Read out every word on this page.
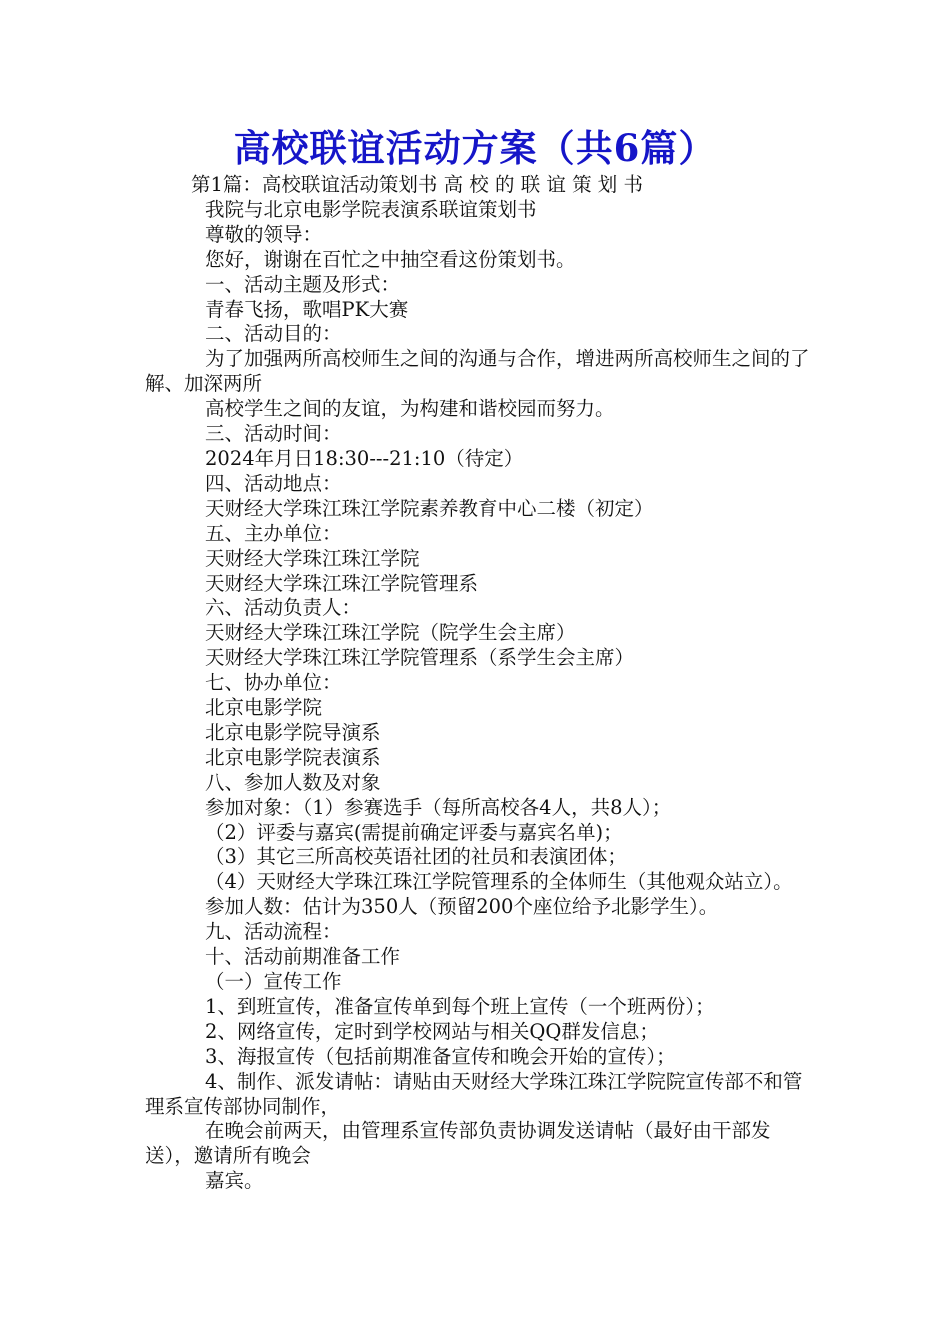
高校联谊活动方案（共6篇）

第1篇：高校联谊活动策划书 高 校 的 联 谊 策 划 书

我院与北京电影学院表演系联谊策划书

尊敬的领导：

您好，谢谢在百忙之中抽空看这份策划书。

一、活动主题及形式：

青春飞扬，歌唱PK大赛

二、活动目的：

为了加强两所高校师生之间的沟通与合作，增进两所高校师生之间的了解、加深两所

高校学生之间的友谊，为构建和谐校园而努力。

三、活动时间：

2024年月日18:30---21:10（待定）

四、活动地点：

天财经大学珠江珠江学院素养教育中心二楼（初定）

五、主办单位：

天财经大学珠江珠江学院

天财经大学珠江珠江学院管理系

六、活动负责人：

天财经大学珠江珠江学院（院学生会主席）

天财经大学珠江珠江学院管理系（系学生会主席）

七、协办单位：

北京电影学院

北京电影学院导演系

北京电影学院表演系

八、参加人数及对象

参加对象：（1）参赛选手（每所高校各4人，共8人）；

（2）评委与嘉宾(需提前确定评委与嘉宾名单)；

（3）其它三所高校英语社团的社员和表演团体；

（4）天财经大学珠江珠江学院管理系的全体师生（其他观众站立）。

参加人数：估计为350人（预留200个座位给予北影学生）。

九、活动流程：

十、活动前期准备工作

（一）宣传工作

1、到班宣传，准备宣传单到每个班上宣传（一个班两份）；

2、网络宣传，定时到学校网站与相关QQ群发信息；

3、海报宣传（包括前期准备宣传和晚会开始的宣传）；

4、制作、派发请帖：请贴由天财经大学珠江珠江学院院宣传部不和管理系宣传部协同制作，

在晚会前两天，由管理系宣传部负责协调发送请帖（最好由干部发送），邀请所有晚会

嘉宾。
